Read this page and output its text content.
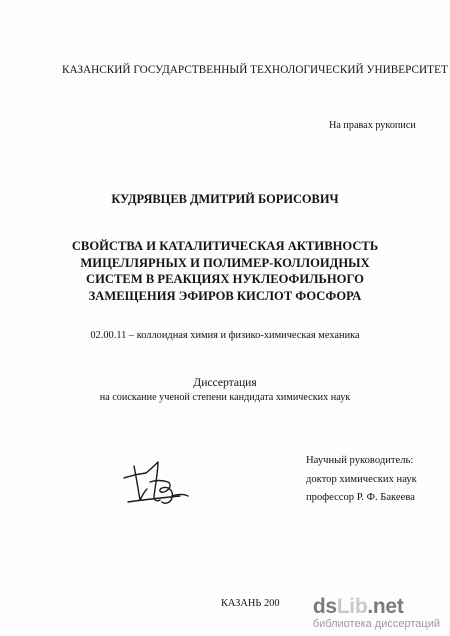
КАЗАНСКИЙ ГОСУДАРСТВЕННЫЙ ТЕХНОЛОГИЧЕСКИЙ УНИВЕРСИТЕТ
На правах рукописи
КУДРЯВЦЕВ ДМИТРИЙ БОРИСОВИЧ
СВОЙСТВА И КАТАЛИТИЧЕСКАЯ АКТИВНОСТЬ
МИЦЕЛЛЯРНЫХ И ПОЛИМЕР-КОЛЛОИДНЫХ
СИСТЕМ В РЕАКЦИЯХ НУКЛЕОФИЛЬНОГО
ЗАМЕЩЕНИЯ ЭФИРОВ КИСЛОТ ФОСФОРА
02.00.11 – коллоидная химия и физико-химическая механика
Диссертация
на соискание ученой степени кандидата химических наук
Научный руководитель:
доктор химических наук
профессор Р. Ф. Бакеева
КАЗАНЬ 200 dsLib.net
библиотека диссертаций
